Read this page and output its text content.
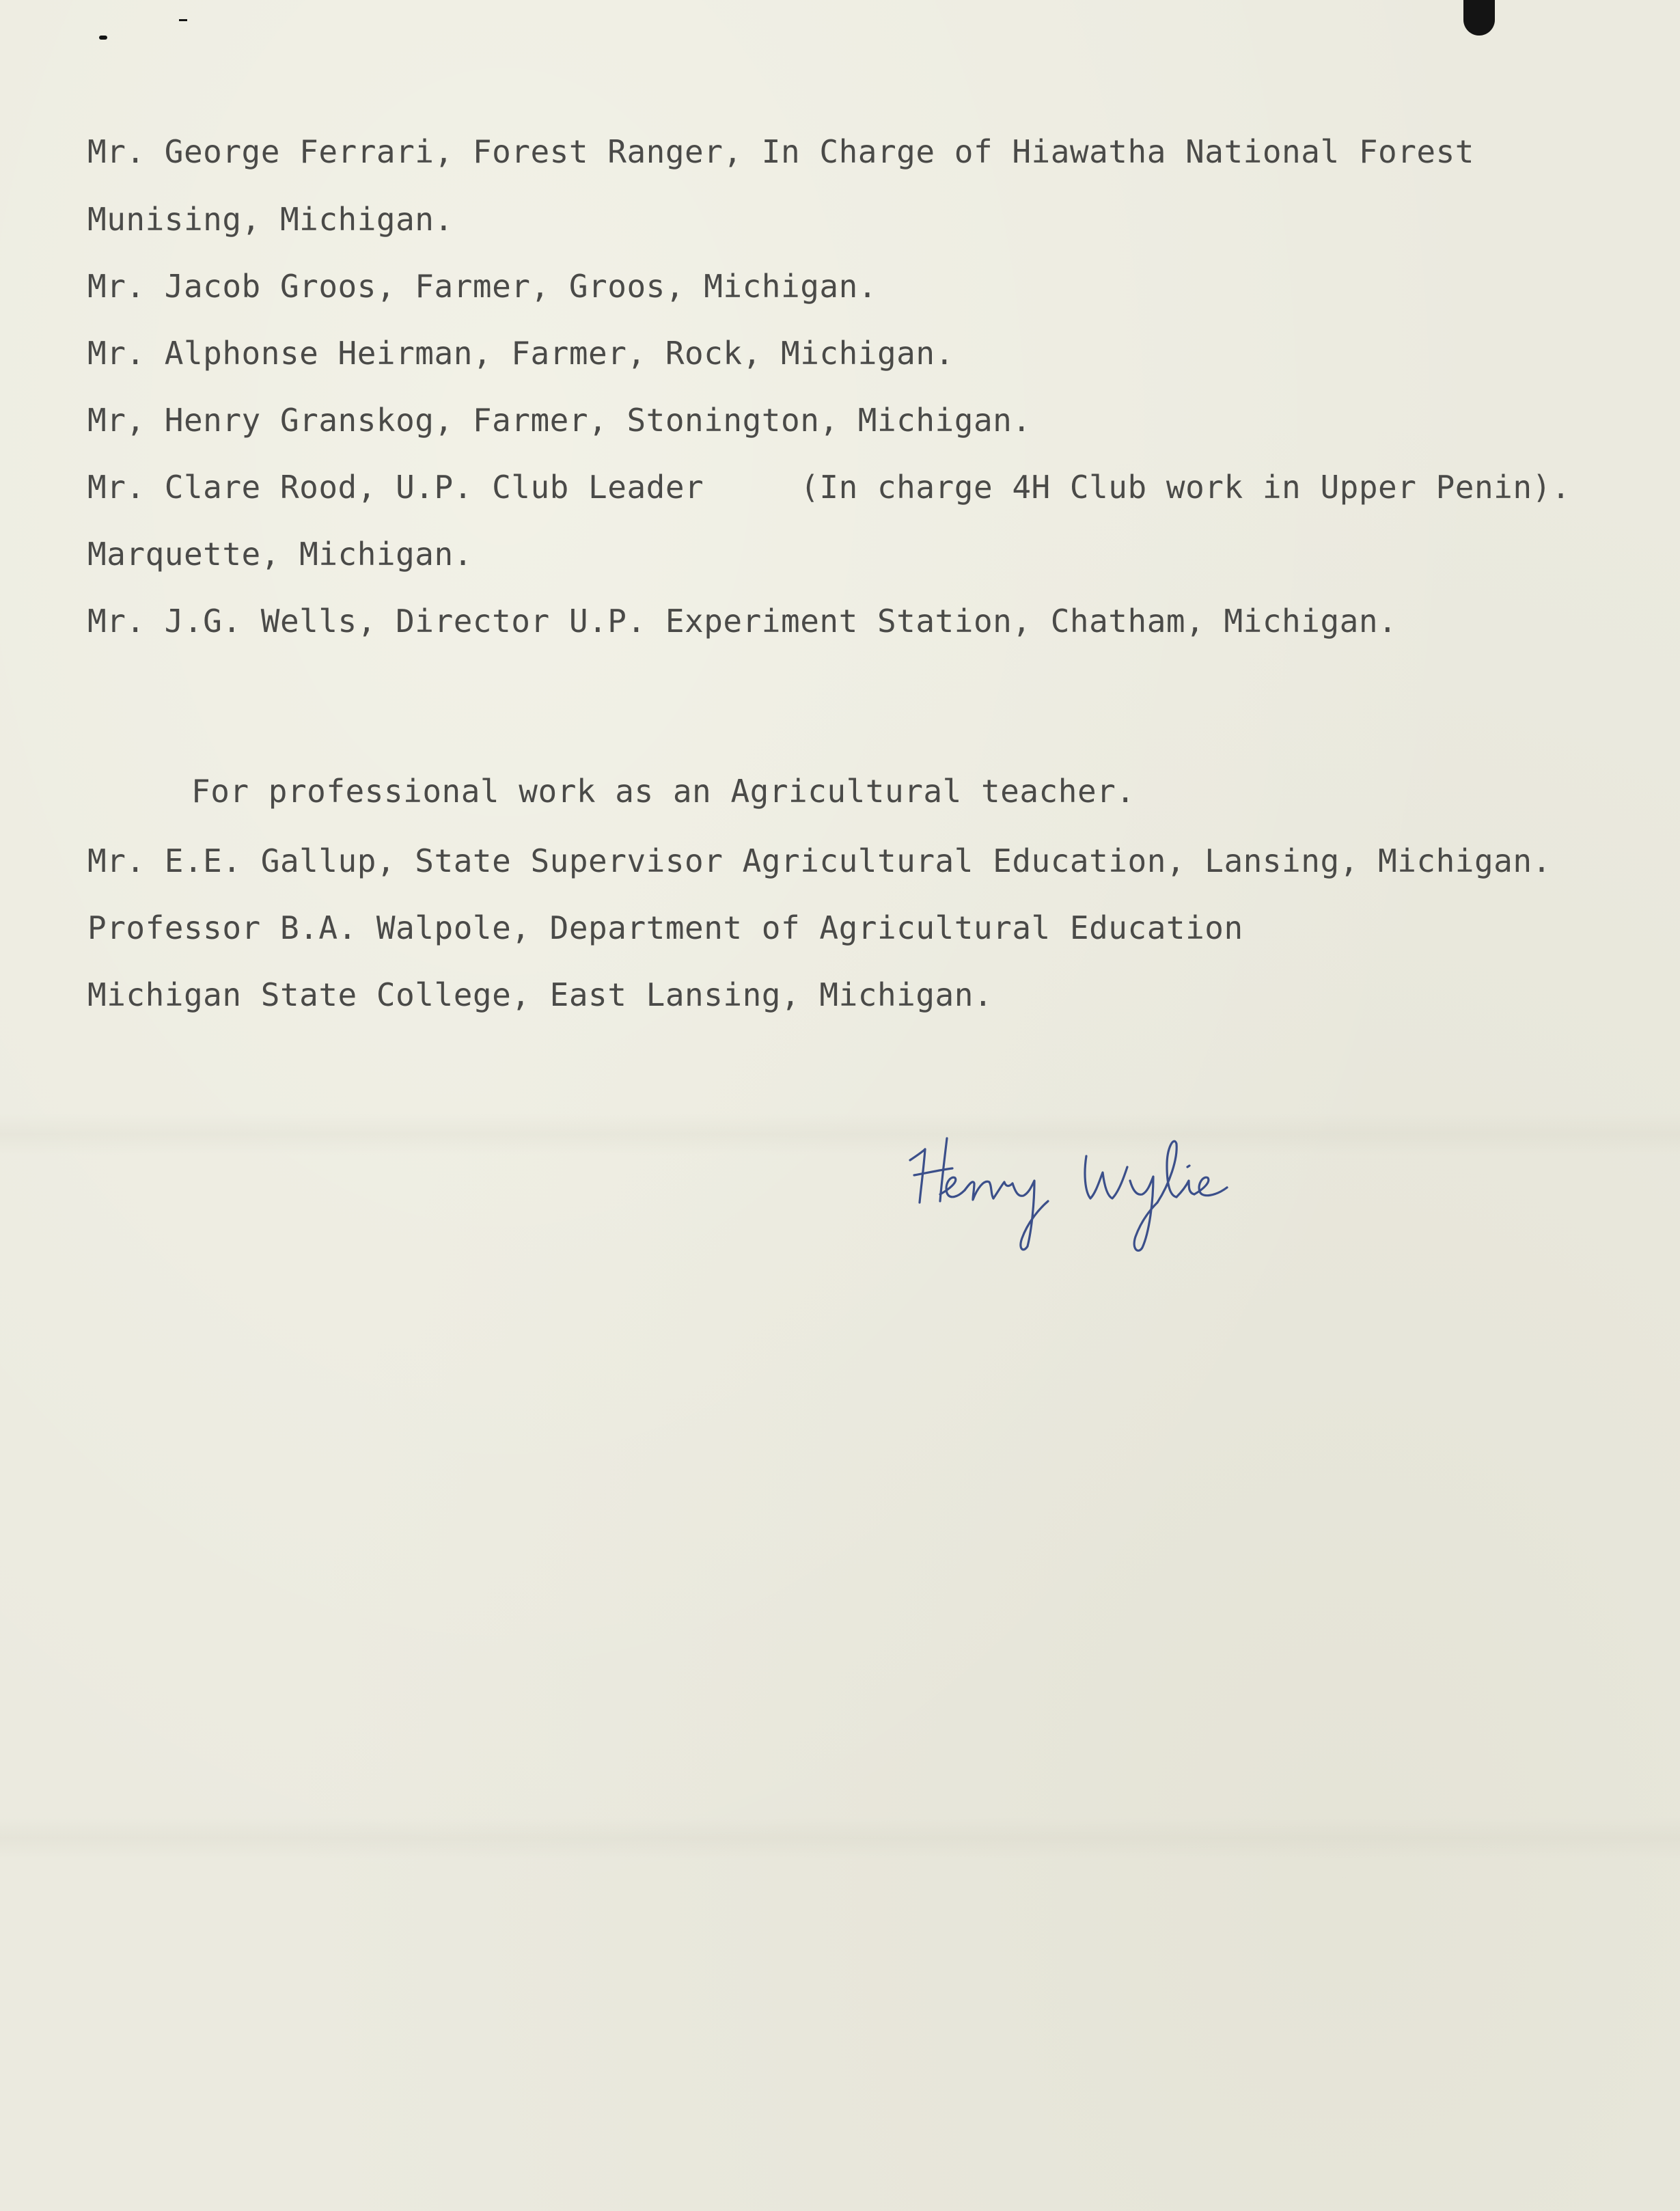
Mr. George Ferrari, Forest Ranger, In Charge of Hiawatha National Forest
Munising, Michigan.
Mr. Jacob Groos, Farmer, Groos, Michigan.
Mr. Alphonse Heirman, Farmer, Rock, Michigan.
Mr, Henry Granskog, Farmer, Stonington, Michigan.
Mr. Clare Rood, U.P. Club Leader     (In charge 4H Club work in Upper Penin).
Marquette, Michigan.
Mr. J.G. Wells, Director U.P. Experiment Station, Chatham, Michigan.
For professional work as an Agricultural teacher.
Mr. E.E. Gallup, State Supervisor Agricultural Education, Lansing, Michigan.
Professor B.A. Walpole, Department of Agricultural Education
Michigan State College, East Lansing, Michigan.
